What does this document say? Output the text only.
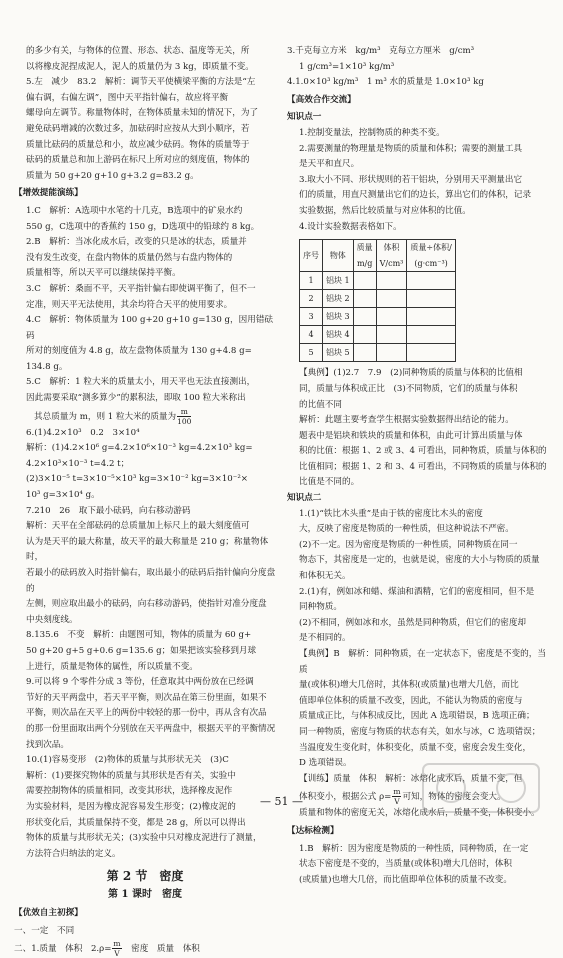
的多少有关，与物体的位置、形态、状态、温度等无关，所

以将橡皮泥捏成泥人，泥人的质量仍为 3 kg，即质量不变。

5.左　减少　83.2　解析：调节天平使横梁平衡的方法是“左

偏右调，右偏左调”，图中天平指针偏右，故应将平衡

螺母向左调节。称量物体时，在物体质量未知的情况下，为了

避免砝码增减的次数过多，加砝码时应按从大到小顺序，若

质量比砝码的质量总和小，故应减少砝码。物体的质量等于

砝码的质量总和加上游码在标尺上所对应的刻度值，物体的

质量为 50 g+20 g+10 g+3.2 g=83.2 g。

【增效提能演练】

1.C　解析：A选项中水笔约十几克，B选项中的矿泉水约

550 g，C选项中的香蕉约 150 g，D选项中的铅球约 8 kg。

2.B　解析：当冰化成水后，改变的只是冰的状态，质量并

没有发生改变，在盘内物体的质量仍然与右盘内物体的

质量相等，所以天平可以继续保持平衡。

3.C　解析：桑面不平，天平指针偏右即使调平衡了，但不一

定准，则天平无法使用，其余均符合天平的使用要求。

4.C　解析：物体质量为 100 g+20 g+10 g=130 g，因用错砝码

所对的刻度值为 4.8 g，故左盘物体质量为 130 g+4.8 g=

134.8 g。

5.C　解析：1 粒大米的质量太小，用天平也无法直接测出，

因此需要采取“测多算少”的累积法，即取 100 粒大米称出

其总质量为 m，则 1 粒大米的质量为 $\frac{m}{100}$

6.(1)4.2×10³　0.2　3×10⁴

解析：(1)4.2×10⁶ g=4.2×10⁶×10⁻³ kg=4.2×10³ kg=

4.2×10³×10⁻³ t=4.2 t；

(2)3×10⁻⁵ t=3×10⁻⁵×10³ kg=3×10⁻² kg=3×10⁻²×

10³ g=3×10⁴ g。

7.210　26　取下最小砝码，向右移动游码

解析：天平在全部砝码的总质量加上标尺上的最大刻度值可

认为是天平的最大称量，故天平的最大称量是 210 g；称量物体时，

若最小的砝码放入时指针偏右，取出最小的砝码后指针偏向分度盘的

左侧，则应取出最小的砝码，向右移动游码，使指针对准分度盘

中央刻度线。

8.135.6　不变　解析：由题图可知，物体的质量为 60 g+

50 g+20 g+5 g+0.6 g=135.6 g；如果把该实验移到月球

上进行，质量是物体的属性，所以质量不变。

9.可以将 9 个零件分成 3 等份，任意取其中两份放在已经调

节好的天平两盘中，若天平平衡，则次品在第三份里面，如果不

平衡，则次品在天平上的两份中较轻的那一份中，再从含有次品

的那一份里面取出两个分别放在天平两盘中，根据天平的平衡情况

找到次品。

10.(1)容易变形　(2)物体的质量与其形状无关　(3)C

解析：(1)要探究物体的质量与其形状是否有关，实验中

需要控制物体的质量相同，改变其形状，选择橡皮泥作

为实验材料，是因为橡皮泥容易发生形变；(2)橡皮泥的

形状变化后，其质量保持不变，都是 28 g，所以可以得出

物体的质量与其形状无关；(3)实验中只对橡皮泥进行了测量，

方法符合归纳法的定义。

第 2 节　密度

第 1 课时　密度

【优效自主初探】

一、一定　不同

二、1.质量　体积　$2.\rho= \frac{m}{V}$ 　密度　质量　体积

3.千克每立方米　kg/m³　克每立方厘米　g/cm³

1 g/cm³=1×10³ kg/m³

4.1.0×10³ kg/m³　1 m³ 水的质量是 1.0×10³ kg

【高效合作交流】

知识点一

1.控制变量法，控制物质的种类不变。

2.需要测量的物理量是物质的质量和体积；需要的测量工具

是天平和直尺。

3.取大小不同、形状规则的若干铝块，分别用天平测量出它

们的质量，用直尺测量出它们的边长，算出它们的体积，记录

实验数据，然后比较质量与对应体积的比值。

4.设计实验数据表格如下。

序号	物体	质量
m/g	体积
V/cm³	质量÷体积/
(g·cm⁻³)
1	铝块 1			
2	铝块 2			
3	铝块 3			
4	铝块 4			
5	铝块 5			

【典例】(1)2.7　7.9　(2)同种物质的质量与体积的比值相

同，质量与体积成正比　(3)不同物质，它们的质量与体积

的比值不同

解析：此题主要考查学生根据实验数据得出结论的能力。

题表中是铝块和铁块的质量和体积，由此可计算出质量与体

积的比值：根据 1、2 或 3、4 可看出，同种物质，质量与体积的

比值相同；根据 1、2 和 3、4 可看出，不同物质的质量与体积的比值是不同的。

知识点二

1.(1)“铁比木头重”是由于铁的密度比木头的密度

大，反映了密度是物质的一种性质，但这种说法不严密。

(2)不一定。因为密度是物质的一种性质，同种物质在同一

物态下，其密度是一定的，也就是说，密度的大小与物质的质量

和体积无关。

2.(1)有，例如冰和蜡、煤油和酒精，它们的密度相同，但不是

同种物质。

(2)不相同，例如冰和水，虽然是同种物质，但它们的密度却

是不相同的。

【典例】B　解析：同种物质，在一定状态下，密度是不变的，当质

量(或体积)增大几倍时，其体积(或质量)也增大几倍，而比

值即单位体积的质量不改变，因此，不能认为物质的密度与

质量成正比，与体积成反比，因此 A 选项错误，B 选项正确；

同一种物质，密度与物质的状态有关，如水与冰，C 选项错误；

当温度发生变化时，体积变化，质量不变，密度会发生变化，

D 选项错误。

【训练】质量　体积　解析：冰熔化成水后，质量不变，但

体积变小，根据公式 $\rho= \frac{m}{V}$ 可知，物体的密度会变大。

质量和物体的密度无关，冰熔化成水后，质量不变，体积变小。

【达标检测】

1.B　解析：因为密度是物质的一种性质，同种物质，在一定

状态下密度是不变的，当质量(或体积)增大几倍时，体积

(或质量)也增大几倍，而比值即单位体积的质量不改变。

— 51 —
